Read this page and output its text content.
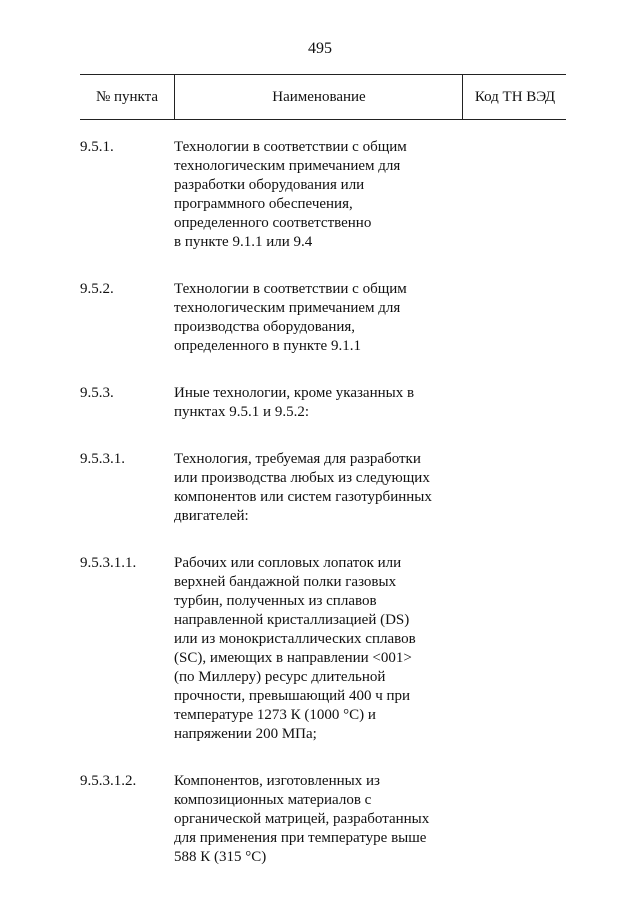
495
№ пункта	Наименование	Код ТН ВЭД
9.5.1.	Технологии в соответствии с общим
технологическим примечанием для
разработки оборудования или
программного обеспечения,
определенного соответственно
в пункте 9.1.1 или 9.4
9.5.2.	Технологии в соответствии с общим
технологическим примечанием для
производства оборудования,
определенного в пункте 9.1.1
9.5.3.	Иные технологии, кроме указанных в
пунктах 9.5.1 и 9.5.2:
9.5.3.1.	Технология, требуемая для разработки
или производства любых из следующих
компонентов или систем газотурбинных
двигателей:
9.5.3.1.1.	Рабочих или сопловых лопаток или
верхней бандажной полки газовых
турбин, полученных из сплавов
направленной кристаллизацией (DS)
или из монокристаллических сплавов
(SC), имеющих в направлении <001>
(по Миллеру) ресурс длительной
прочности, превышающий 400 ч при
температуре 1273 К (1000 °C) и
напряжении 200 МПа;
9.5.3.1.2.	Компонентов, изготовленных из
композиционных материалов с
органической матрицей, разработанных
для применения при температуре выше
588 К (315 °C)
